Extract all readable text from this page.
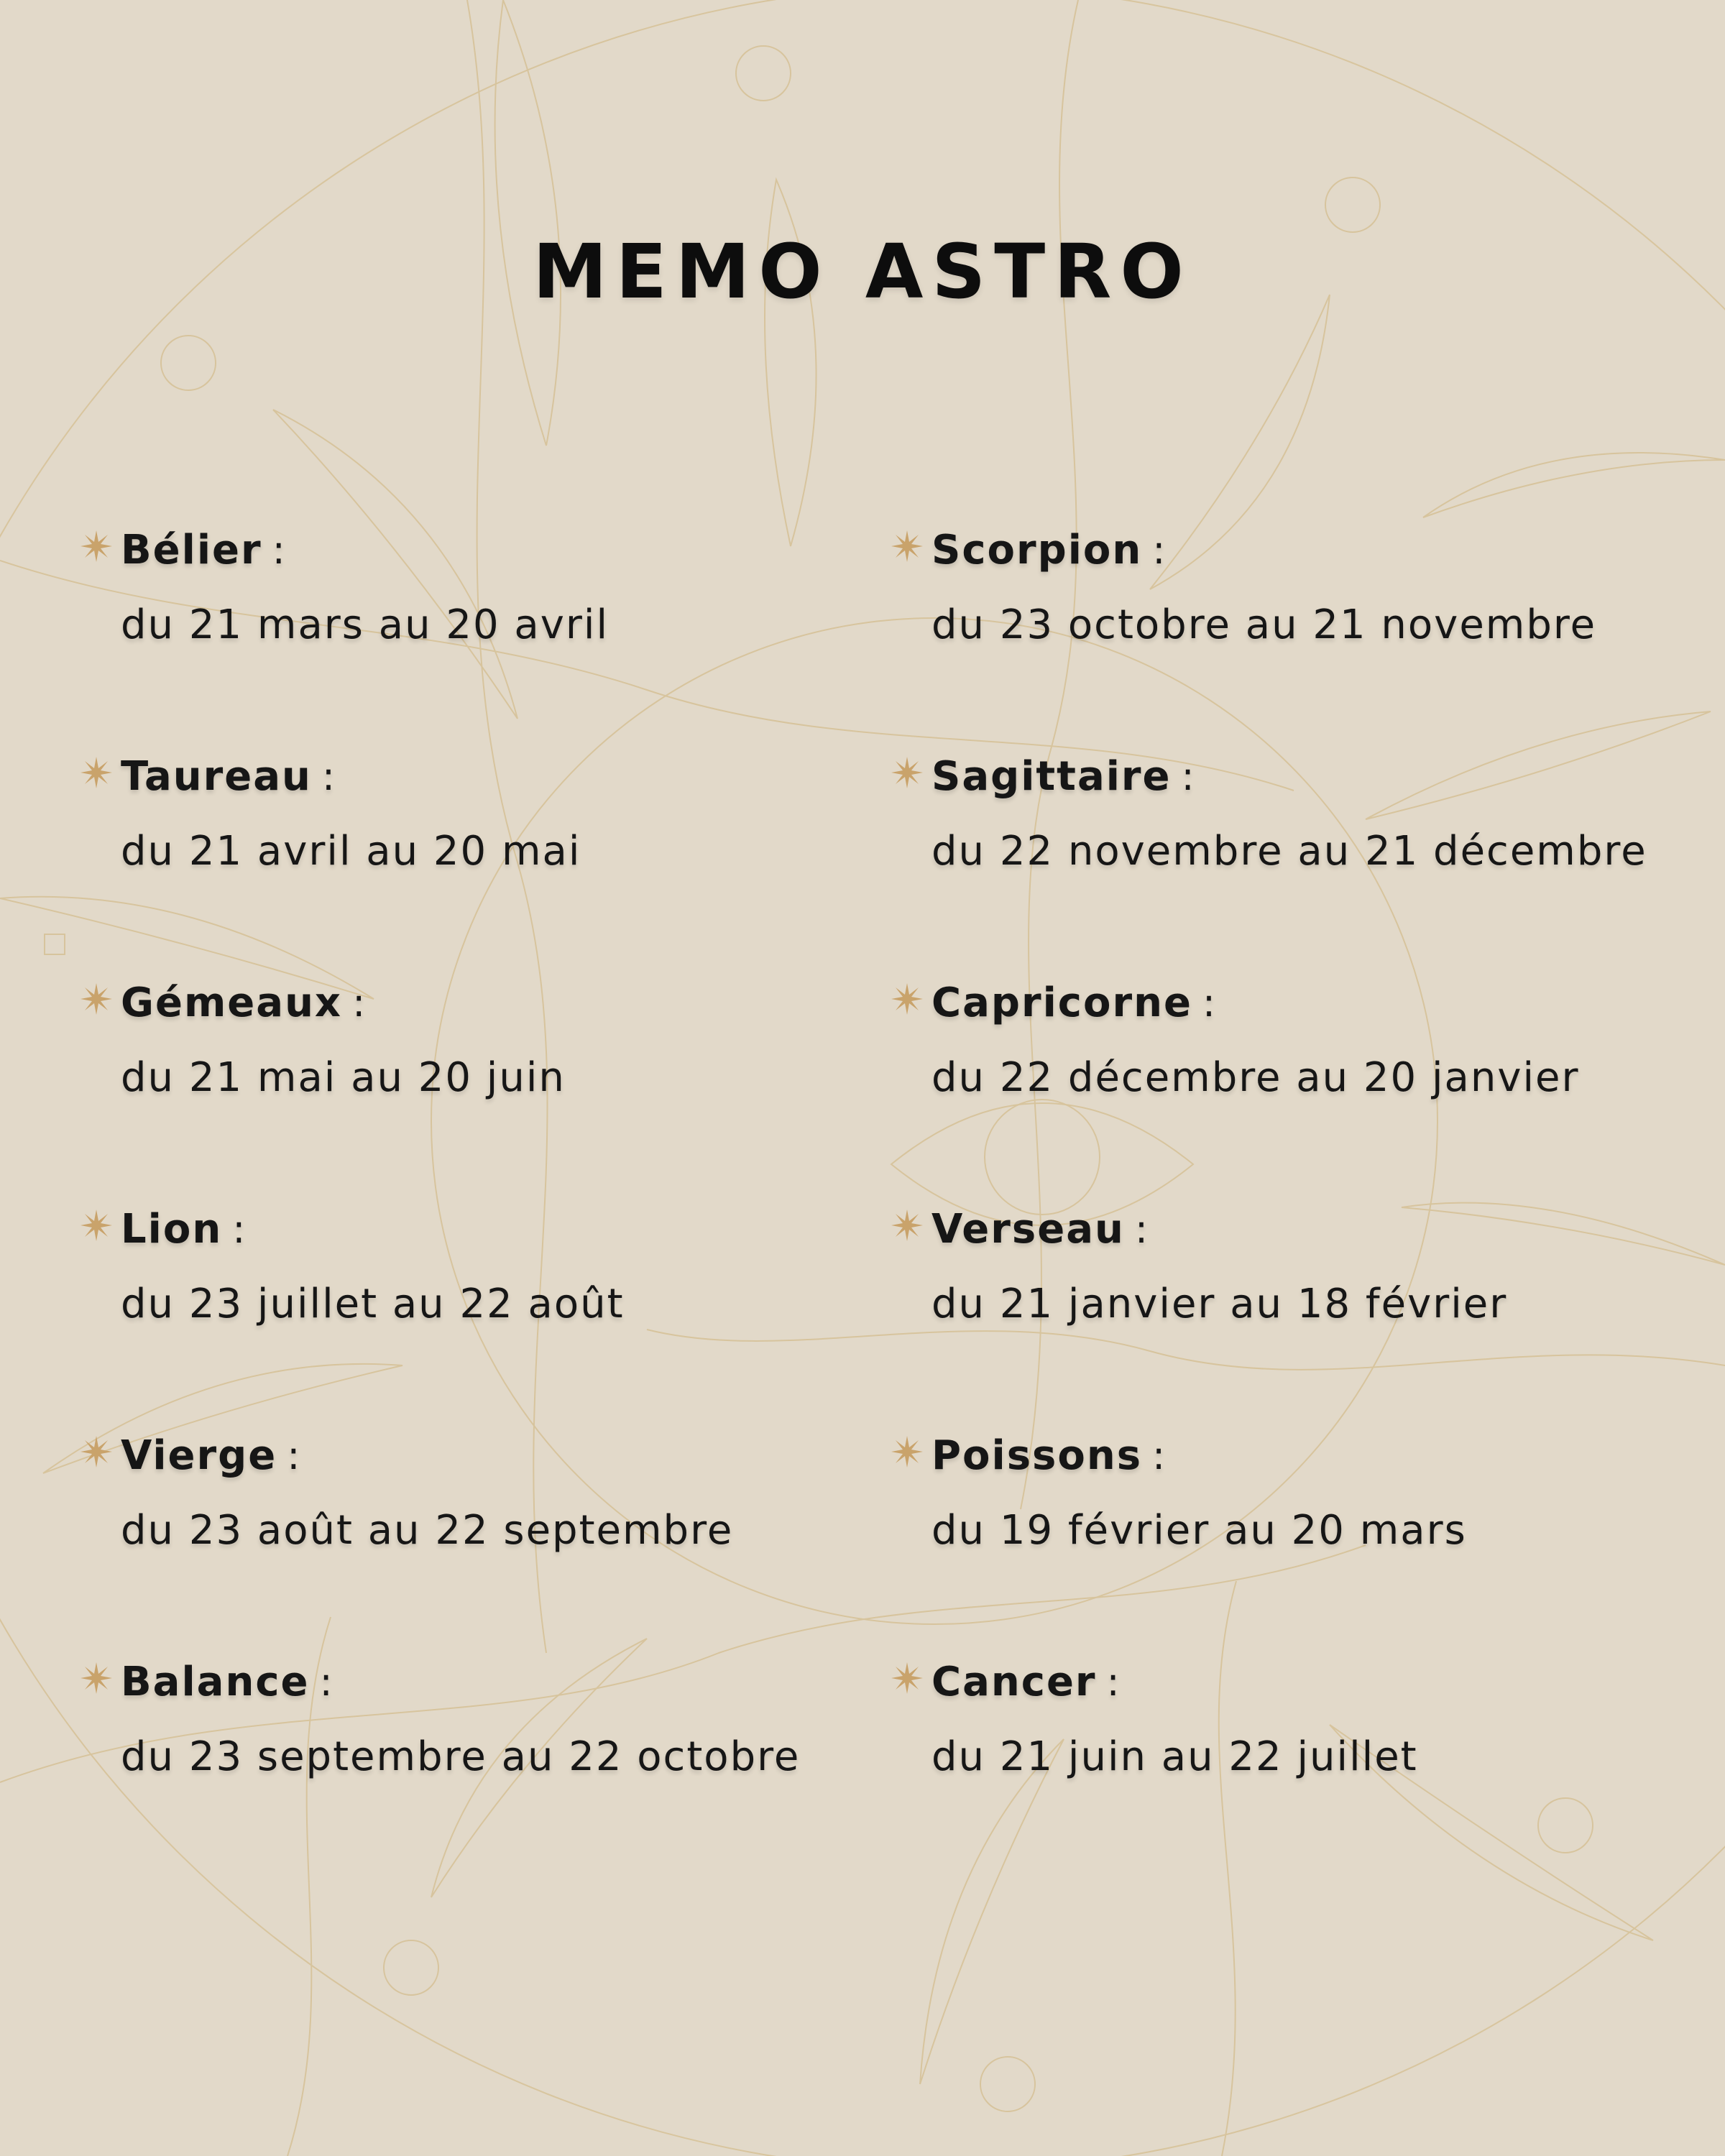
MEMO ASTRO
Bélier :
du 21 mars au 20 avril
Taureau :
du 21 avril au 20 mai
Gémeaux :
du 21 mai au 20 juin
Lion :
du 23 juillet au 22 août
Vierge :
du 23 août au 22 septembre
Balance :
du 23 septembre au 22 octobre
Scorpion :
du 23 octobre au 21 novembre
Sagittaire :
du 22 novembre au 21 décembre
Capricorne :
du 22 décembre au 20 janvier
Verseau :
du 21 janvier au 18 février
Poissons :
du 19 février au 20 mars
Cancer :
du 21 juin au 22 juillet
